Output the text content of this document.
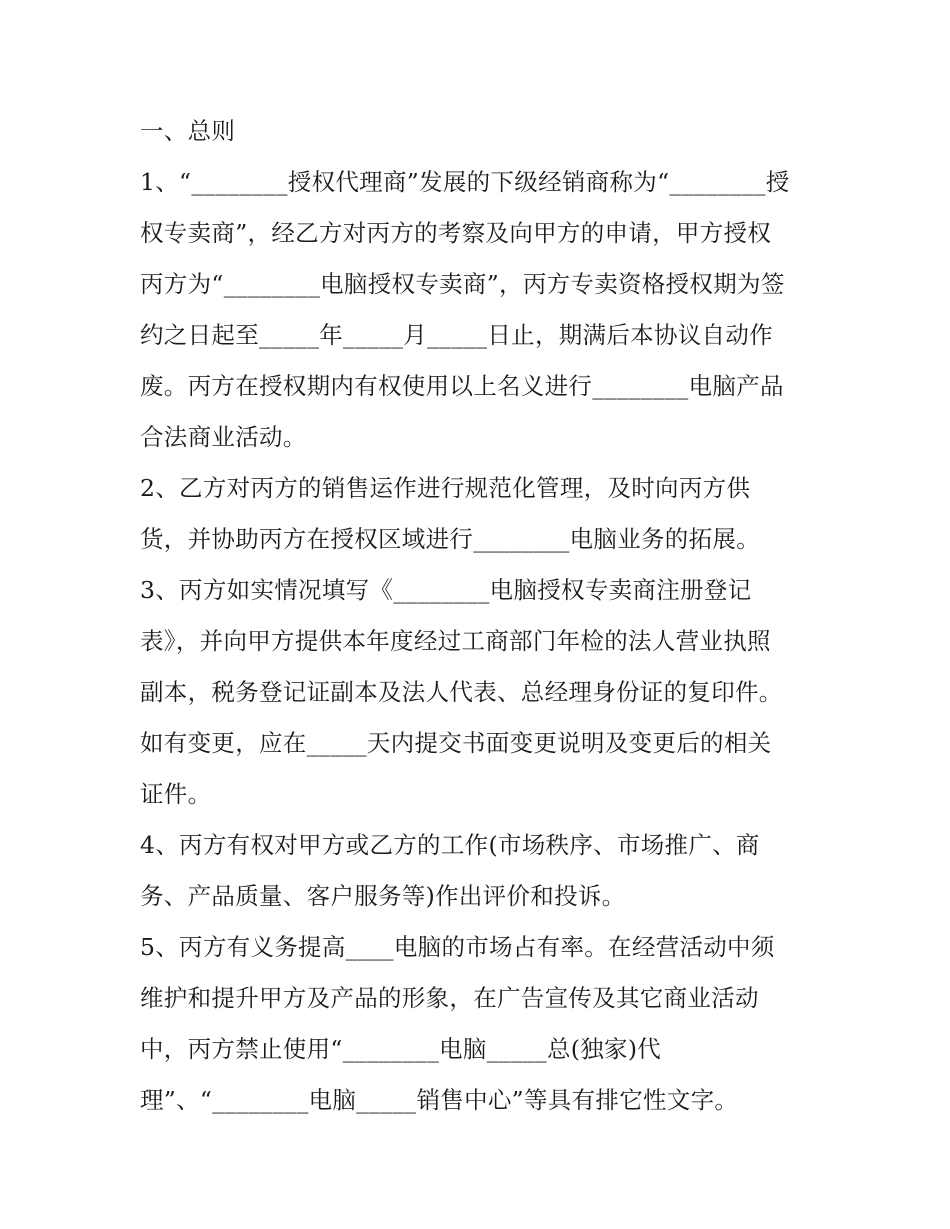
一、总则
1、“________授权代理商”发展的下级经销商称为“________授
权专卖商”，经乙方对丙方的考察及向甲方的申请，甲方授权
丙方为“________电脑授权专卖商”，丙方专卖资格授权期为签
约之日起至_____年_____月_____日止，期满后本协议自动作
废。丙方在授权期内有权使用以上名义进行________电脑产品
合法商业活动。
2、乙方对丙方的销售运作进行规范化管理，及时向丙方供
货，并协助丙方在授权区域进行________电脑业务的拓展。
3、丙方如实情况填写《________电脑授权专卖商注册登记
表》，并向甲方提供本年度经过工商部门年检的法人营业执照
副本，税务登记证副本及法人代表、总经理身份证的复印件。
如有变更，应在_____天内提交书面变更说明及变更后的相关
证件。
4、丙方有权对甲方或乙方的工作(市场秩序、市场推广、商
务、产品质量、客户服务等)作出评价和投诉。
5、丙方有义务提高____电脑的市场占有率。在经营活动中须
维护和提升甲方及产品的形象，在广告宣传及其它商业活动
中，丙方禁止使用“________电脑_____总(独家)代
理”、“________电脑_____销售中心”等具有排它性文字。
